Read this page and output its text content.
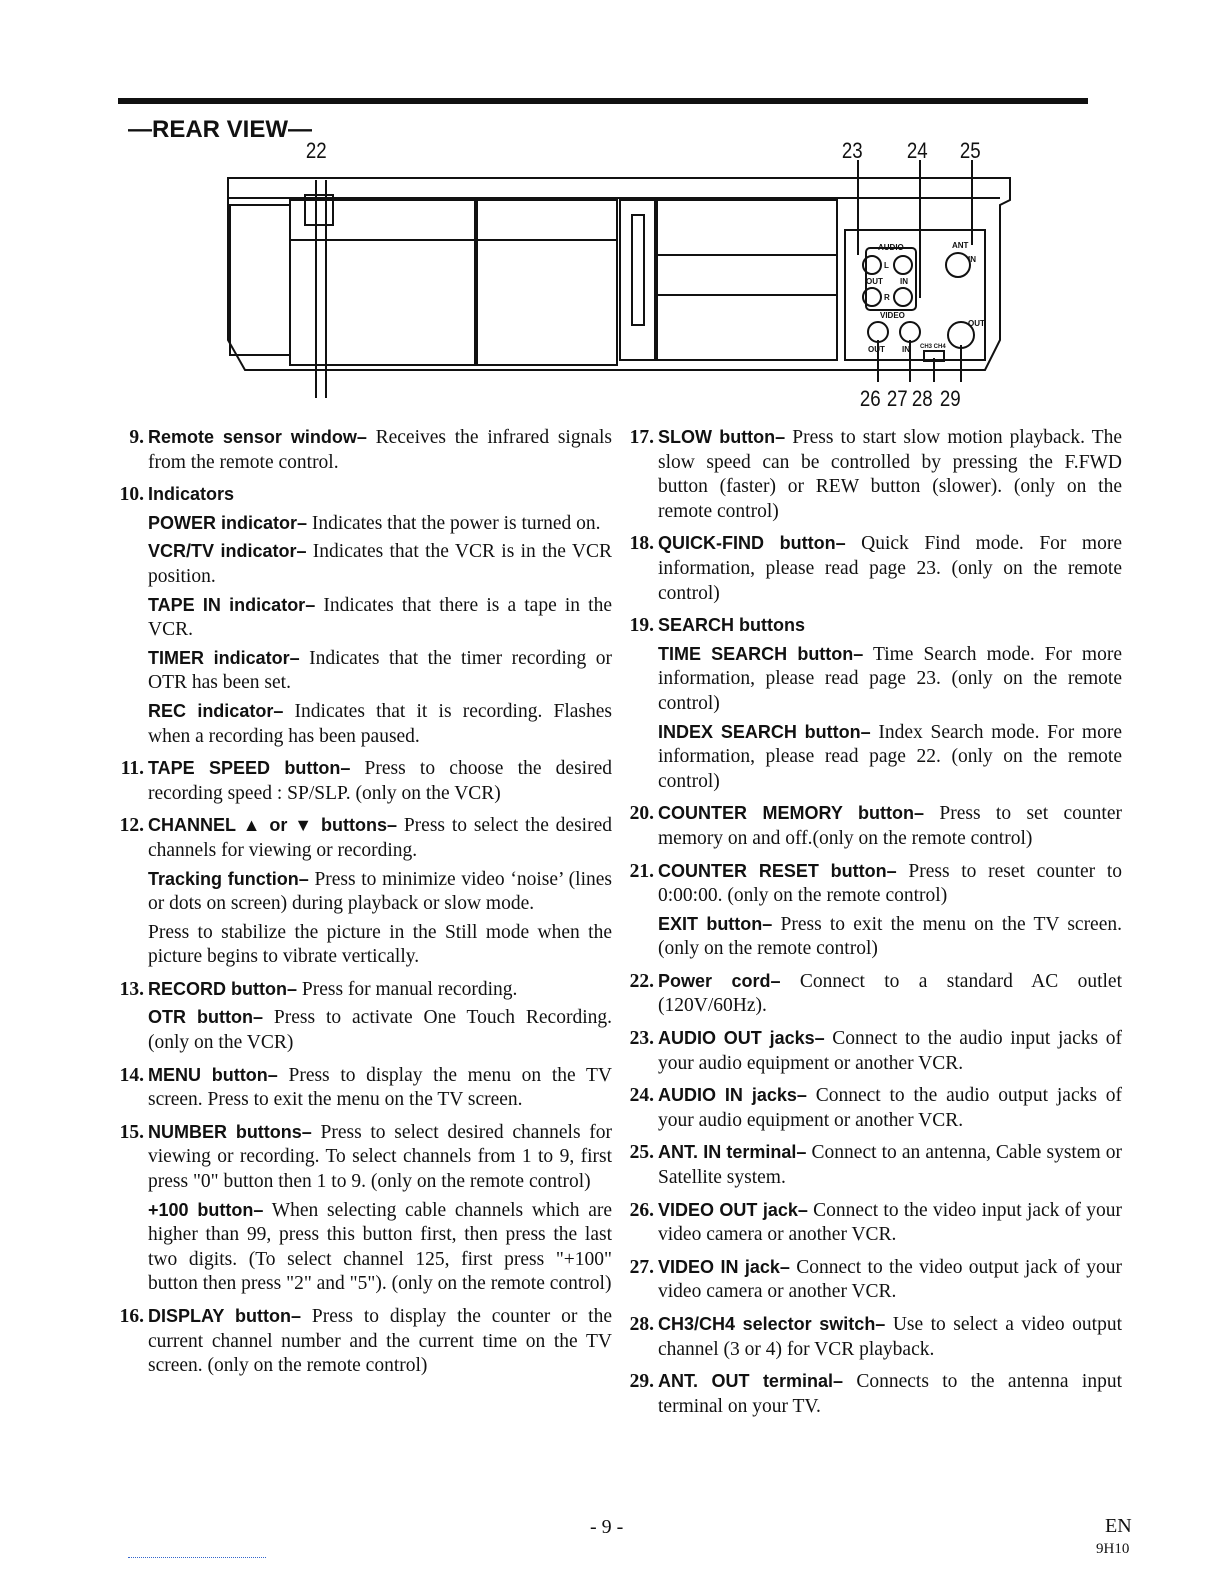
—REAR VIEW—
AUDIO
L
R
OUT IN
ANT
IN
VIDEO
OUT IN CH3 CH4
OUT
22	23 24 25
26 27 28 29
9. Remote sensor window– Receives the infrared signals from the remote control.

10. Indicators

POWER indicator– Indicates that the power is turned on.

VCR/TV indicator– Indicates that the VCR is in the VCR position.

TAPE IN indicator– Indicates that there is a tape in the VCR.

TIMER indicator– Indicates that the timer recording or OTR has been set.

REC indicator– Indicates that it is recording. Flashes when a recording has been paused.

11. TAPE SPEED button– Press to choose the desired recording speed : SP/SLP. (only on the VCR)

12. CHANNEL ▲ or ▼ buttons– Press to select the desired channels for viewing or recording.

Tracking function– Press to minimize video ‘noise’ (lines or dots on screen) during playback or slow mode.

Press to stabilize the picture in the Still mode when the picture begins to vibrate vertically.

13. RECORD button– Press for manual recording.

OTR button– Press to activate One Touch Recording. (only on the VCR)

14. MENU button– Press to display the menu on the TV screen. Press to exit the menu on the TV screen.

15. NUMBER buttons– Press to select desired channels for viewing or recording. To select channels from 1 to 9, first press "0" button then 1 to 9. (only on the remote control)

+100 button– When selecting cable channels which are higher than 99, press this button first, then press the last two digits. (To select channel 125, first press "+100" button then press "2" and "5"). (only on the remote control)

16. DISPLAY button– Press to display the counter or the current channel number and the current time on the TV screen. (only on the remote control)

17. SLOW button– Press to start slow motion playback. The slow speed can be controlled by pressing the F.FWD button (faster) or REW button (slower). (only on the remote control)

18. QUICK-FIND button– Quick Find mode. For more information, please read page 23. (only on the remote control)

19. SEARCH buttons

TIME SEARCH button– Time Search mode. For more information, please read page 23. (only on the remote control)

INDEX SEARCH button– Index Search mode. For more information, please read page 22. (only on the remote control)

20. COUNTER MEMORY button– Press to set counter memory on and off.(only on the remote control)

21. COUNTER RESET button– Press to reset counter to 0:00:00. (only on the remote control)

EXIT button– Press to exit the menu on the TV screen. (only on the remote control)

22. Power cord– Connect to a standard AC outlet (120V/60Hz).

23. AUDIO OUT jacks– Connect to the audio input jacks of your audio equipment or another VCR.

24. AUDIO IN jacks– Connect to the audio output jacks of your audio equipment or another VCR.

25. ANT. IN terminal– Connect to an antenna, Cable system or Satellite system.

26. VIDEO OUT jack– Connect to the video input jack of your video camera or another VCR.

27. VIDEO IN jack– Connect to the video output jack of your video camera or another VCR.

28. CH3/CH4 selector switch– Use to select a video output channel (3 or 4) for VCR playback.

29. ANT. OUT terminal– Connects to the antenna input terminal on your TV.

- 9 -	EN
9H10
